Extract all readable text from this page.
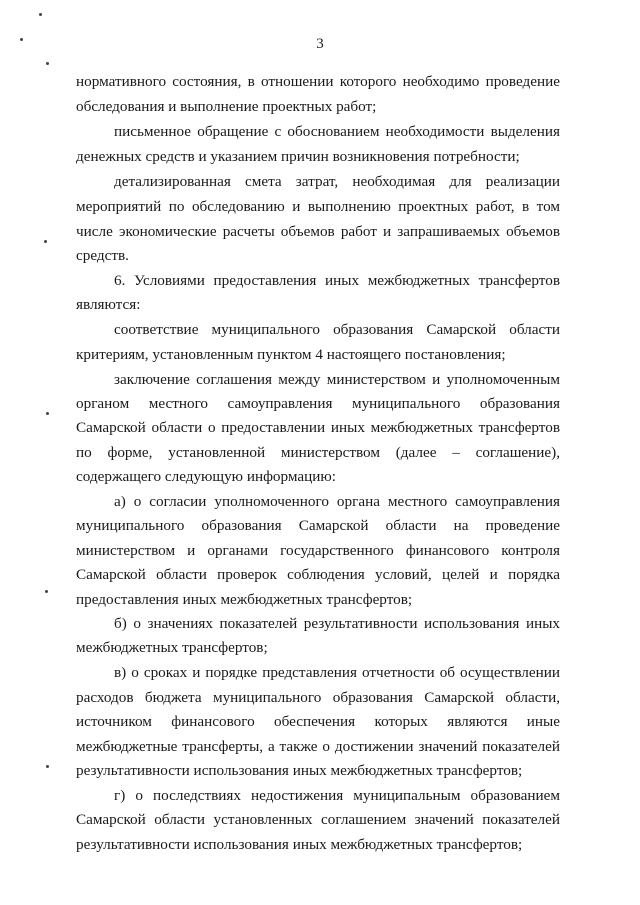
3
нормативного состояния, в отношении которого необходимо проведение
обследования и выполнение проектных работ;
письменное обращение с обоснованием необходимости выделения
денежных средств и указанием причин возникновения потребности;
детализированная смета затрат, необходимая для реализации
мероприятий по обследованию и выполнению проектных работ, в том
числе экономические расчеты объемов работ и запрашиваемых объемов
средств.
6. Условиями предоставления иных межбюджетных трансфертов
являются:
соответствие муниципального образования Самарской области
критериям, установленным пунктом 4 настоящего постановления;
заключение соглашения между министерством и уполномоченным
органом местного самоуправления муниципального образования
Самарской области о предоставлении иных межбюджетных трансфертов
по форме, установленной министерством (далее – соглашение),
содержащего следующую информацию:
а) о согласии уполномоченного органа местного самоуправления
муниципального образования Самарской области на проведение
министерством и органами государственного финансового контроля
Самарской области проверок соблюдения условий, целей и порядка
предоставления иных межбюджетных трансфертов;
б) о значениях показателей результативности использования иных
межбюджетных трансфертов;
в) о сроках и порядке представления отчетности об осуществлении
расходов бюджета муниципального образования Самарской области,
источником финансового обеспечения которых являются иные
межбюджетные трансферты, а также о достижении значений показателей
результативности использования иных межбюджетных трансфертов;
г) о последствиях недостижения муниципальным образованием
Самарской области установленных соглашением значений показателей
результативности использования иных межбюджетных трансфертов;
